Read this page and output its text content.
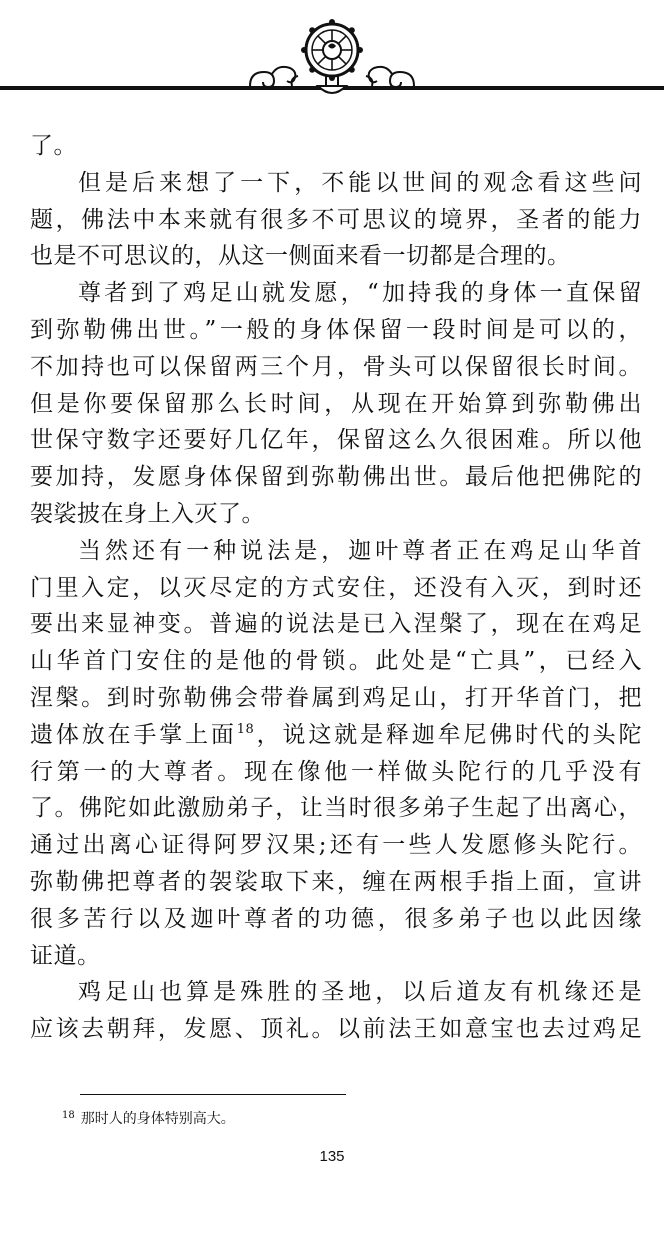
了。
但是后来想了一下，不能以世间的观念看这些问
题，佛法中本来就有很多不可思议的境界，圣者的能力
也是不可思议的，从这一侧面来看一切都是合理的。
尊者到了鸡足山就发愿，“加持我的身体一直保留
到弥勒佛出世。”一般的身体保留一段时间是可以的，
不加持也可以保留两三个月，骨头可以保留很长时间。
但是你要保留那么长时间，从现在开始算到弥勒佛出
世保守数字还要好几亿年，保留这么久很困难。所以他
要加持，发愿身体保留到弥勒佛出世。最后他把佛陀的
袈裟披在身上入灭了。
当然还有一种说法是，迦叶尊者正在鸡足山华首
门里入定，以灭尽定的方式安住，还没有入灭，到时还
要出来显神变。普遍的说法是已入涅槃了，现在在鸡足
山华首门安住的是他的骨锁。此处是“亡具”，已经入
涅槃。到时弥勒佛会带眷属到鸡足山，打开华首门，把
遗体放在手掌上面$^{18}$，说这就是释迦牟尼佛时代的头陀
行第一的大尊者。现在像他一样做头陀行的几乎没有
了。佛陀如此激励弟子，让当时很多弟子生起了出离心，
通过出离心证得阿罗汉果;还有一些人发愿修头陀行。
弥勒佛把尊者的袈裟取下来，缠在两根手指上面，宣讲
很多苦行以及迦叶尊者的功德，很多弟子也以此因缘
证道。
鸡足山也算是殊胜的圣地，以后道友有机缘还是
应该去朝拜，发愿、顶礼。以前法王如意宝也去过鸡足
$^{18}$ 那时人的身体特别高大。
135
